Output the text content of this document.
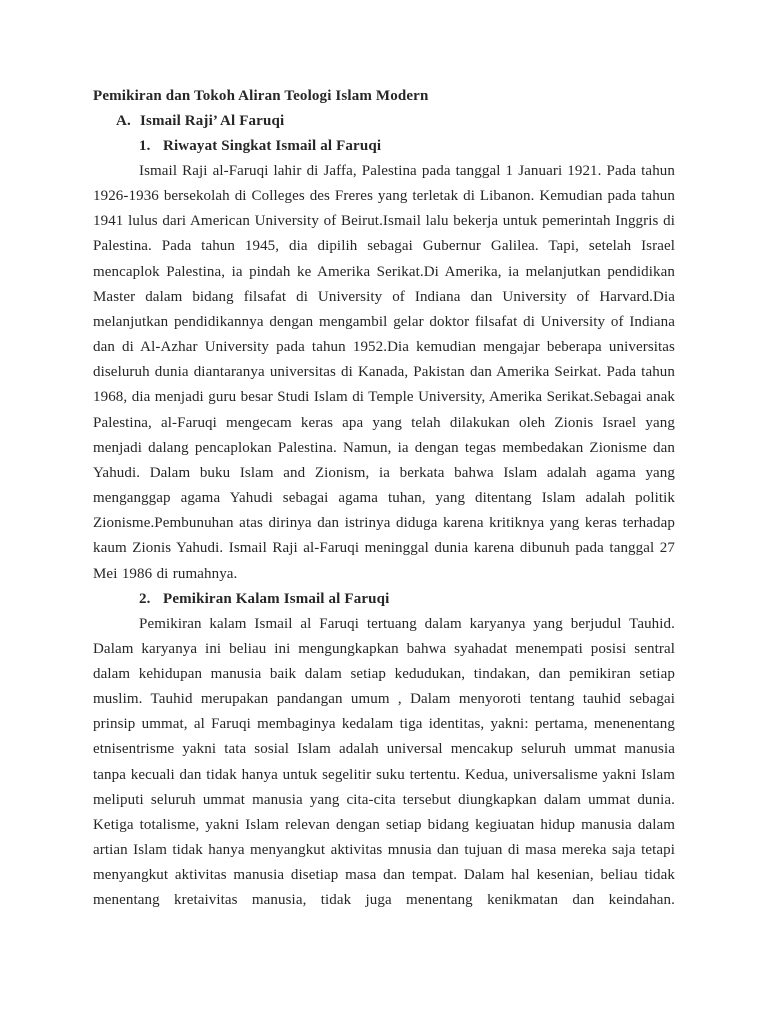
Pemikiran dan Tokoh Aliran Teologi Islam Modern

A. Ismail Raji’ Al Faruqi

1. Riwayat Singkat Ismail al Faruqi

Ismail Raji al-Faruqi lahir di Jaffa, Palestina pada tanggal 1 Januari 1921. Pada tahun 1926-1936 bersekolah di Colleges des Freres yang terletak di Libanon. Kemudian pada tahun 1941 lulus dari American University of Beirut.Ismail lalu bekerja untuk pemerintah Inggris di Palestina. Pada tahun 1945, dia dipilih sebagai Gubernur Galilea. Tapi, setelah Israel mencaplok Palestina, ia pindah ke Amerika Serikat.Di Amerika, ia melanjutkan pendidikan Master dalam bidang filsafat di University of Indiana dan University of Harvard.Dia melanjutkan pendidikannya dengan mengambil gelar doktor filsafat di University of Indiana dan di Al-Azhar University pada tahun 1952.Dia kemudian mengajar beberapa universitas diseluruh dunia diantaranya universitas di Kanada, Pakistan dan Amerika Seirkat. Pada tahun 1968, dia menjadi guru besar Studi Islam di Temple University, Amerika Serikat.Sebagai anak Palestina, al-Faruqi mengecam keras apa yang telah dilakukan oleh Zionis Israel yang menjadi dalang pencaplokan Palestina. Namun, ia dengan tegas membedakan Zionisme dan Yahudi. Dalam buku Islam and Zionism, ia berkata bahwa Islam adalah agama yang menganggap agama Yahudi sebagai agama tuhan, yang ditentang Islam adalah politik Zionisme.Pembunuhan atas dirinya dan istrinya diduga karena kritiknya yang keras terhadap kaum Zionis Yahudi. Ismail Raji al-Faruqi meninggal dunia karena dibunuh pada tanggal 27 Mei 1986 di rumahnya.

2. Pemikiran Kalam Ismail al Faruqi

Pemikiran kalam Ismail al Faruqi tertuang dalam karyanya yang berjudul Tauhid. Dalam karyanya ini beliau ini mengungkapkan bahwa syahadat menempati posisi sentral dalam kehidupan manusia baik dalam setiap kedudukan, tindakan, dan pemikiran setiap muslim. Tauhid merupakan pandangan umum , Dalam menyoroti tentang tauhid sebagai prinsip ummat, al Faruqi membaginya kedalam tiga identitas, yakni: pertama, menenentang etnisentrisme yakni tata sosial Islam adalah universal mencakup seluruh ummat manusia tanpa kecuali dan tidak hanya untuk segelitir suku tertentu. Kedua, universalisme yakni Islam meliputi seluruh ummat manusia yang cita-cita tersebut diungkapkan dalam ummat dunia. Ketiga totalisme, yakni Islam relevan dengan setiap bidang kegiuatan hidup manusia dalam artian Islam tidak hanya menyangkut aktivitas mnusia dan tujuan di masa mereka saja tetapi menyangkut aktivitas manusia disetiap masa dan tempat. Dalam hal kesenian, beliau tidak menentang kretaivitas manusia, tidak juga menentang kenikmatan dan keindahan.
